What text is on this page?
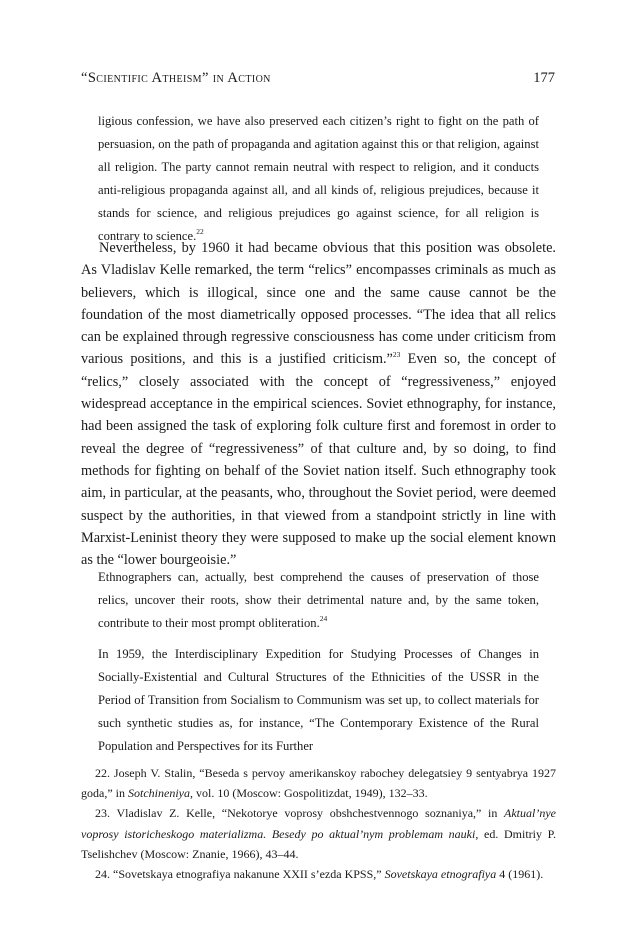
“Scientific Atheism” in Action	177

ligious confession, we have also preserved each citizen’s right to fight on the path of persuasion, on the path of propaganda and agitation against this or that religion, against all religion. The party cannot remain neutral with respect to religion, and it conducts anti-religious propaganda against all, and all kinds of, religious prejudices, because it stands for science, and religious prejudices go against science, for all religion is contrary to science.$^{22}$

Nevertheless, by 1960 it had became obvious that this position was obsolete. As Vladislav Kelle remarked, the term “relics” encompasses criminals as much as believers, which is illogical, since one and the same cause cannot be the foundation of the most diametrically opposed processes. “The idea that all relics can be explained through regressive consciousness has come under criticism from various positions, and this is a justified criticism.”$^{23}$ Even so, the concept of “relics,” closely associated with the concept of “regressiveness,” enjoyed widespread acceptance in the empirical sciences. Soviet ethnography, for instance, had been assigned the task of exploring folk culture first and foremost in order to reveal the degree of “regressiveness” of that culture and, by so doing, to find methods for fighting on behalf of the Soviet nation itself. Such ethnography took aim, in particular, at the peasants, who, throughout the Soviet period, were deemed suspect by the authorities, in that viewed from a standpoint strictly in line with Marxist-Leninist theory they were supposed to make up the social element known as the “lower bourgeoisie.”

Ethnographers can, actually, best comprehend the causes of preservation of those relics, uncover their roots, show their detrimental nature and, by the same token, contribute to their most prompt obliteration.$^{24}$

In 1959, the Interdisciplinary Expedition for Studying Processes of Changes in Socially-Existential and Cultural Structures of the Ethnicities of the USSR in the Period of Transition from Socialism to Communism was set up, to collect materials for such synthetic studies as, for instance, “The Contemporary Existence of the Rural Population and Perspectives for its Further

22. Joseph V. Stalin, “Beseda s pervoy amerikanskoy rabochey delegatsiey 9 sentyabrya 1927 goda,” in Sotchineniya, vol. 10 (Moscow: Gospolitizdat, 1949), 132–33.

23. Vladislav Z. Kelle, “Nekotorye voprosy obshchestvennogo soznaniya,” in Aktual’nye voprosy istoricheskogo materializma. Besedy po aktual’nym problemam nauki, ed. Dmitriy P. Tselishchev (Moscow: Znanie, 1966), 43–44.

24. “Sovetskaya etnografiya nakanune XXII s’ezda KPSS,” Sovetskaya etnografiya 4 (1961).
